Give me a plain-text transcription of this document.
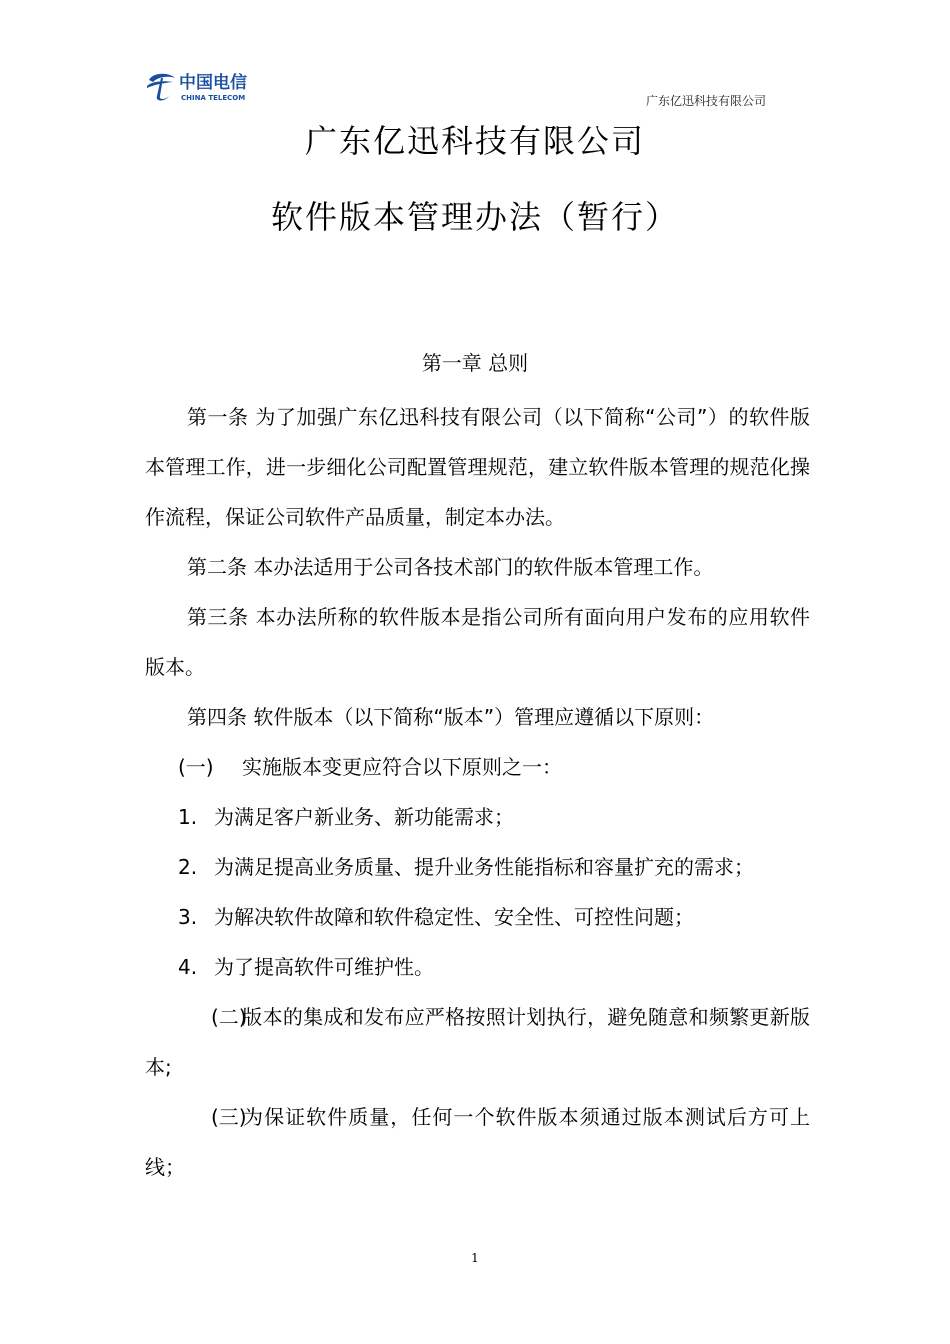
中国电信
CHINA TELECOM	广东亿迅科技有限公司
广东亿迅科技有限公司
软件版本管理办法（暂行）
第一章 总则

第一条 为了加强广东亿迅科技有限公司（以下简称“公司”）的软件版本管理工作，进一步细化公司配置管理规范，建立软件版本管理的规范化操作流程，保证公司软件产品质量，制定本办法。

第二条 本办法适用于公司各技术部门的软件版本管理工作。

第三条 本办法所称的软件版本是指公司所有面向用户发布的应用软件版本。

第四条 软件版本（以下简称“版本”）管理应遵循以下原则：

(一) 实施版本变更应符合以下原则之一：

1. 为满足客户新业务、新功能需求；

2. 为满足提高业务质量、提升业务性能指标和容量扩充的需求；

3. 为解决软件故障和软件稳定性、安全性、可控性问题；

4. 为了提高软件可维护性。

(二)版本的集成和发布应严格按照计划执行，避免随意和频繁更新版本;

(三)为保证软件质量，任何一个软件版本须通过版本测试后方可上线；

1
